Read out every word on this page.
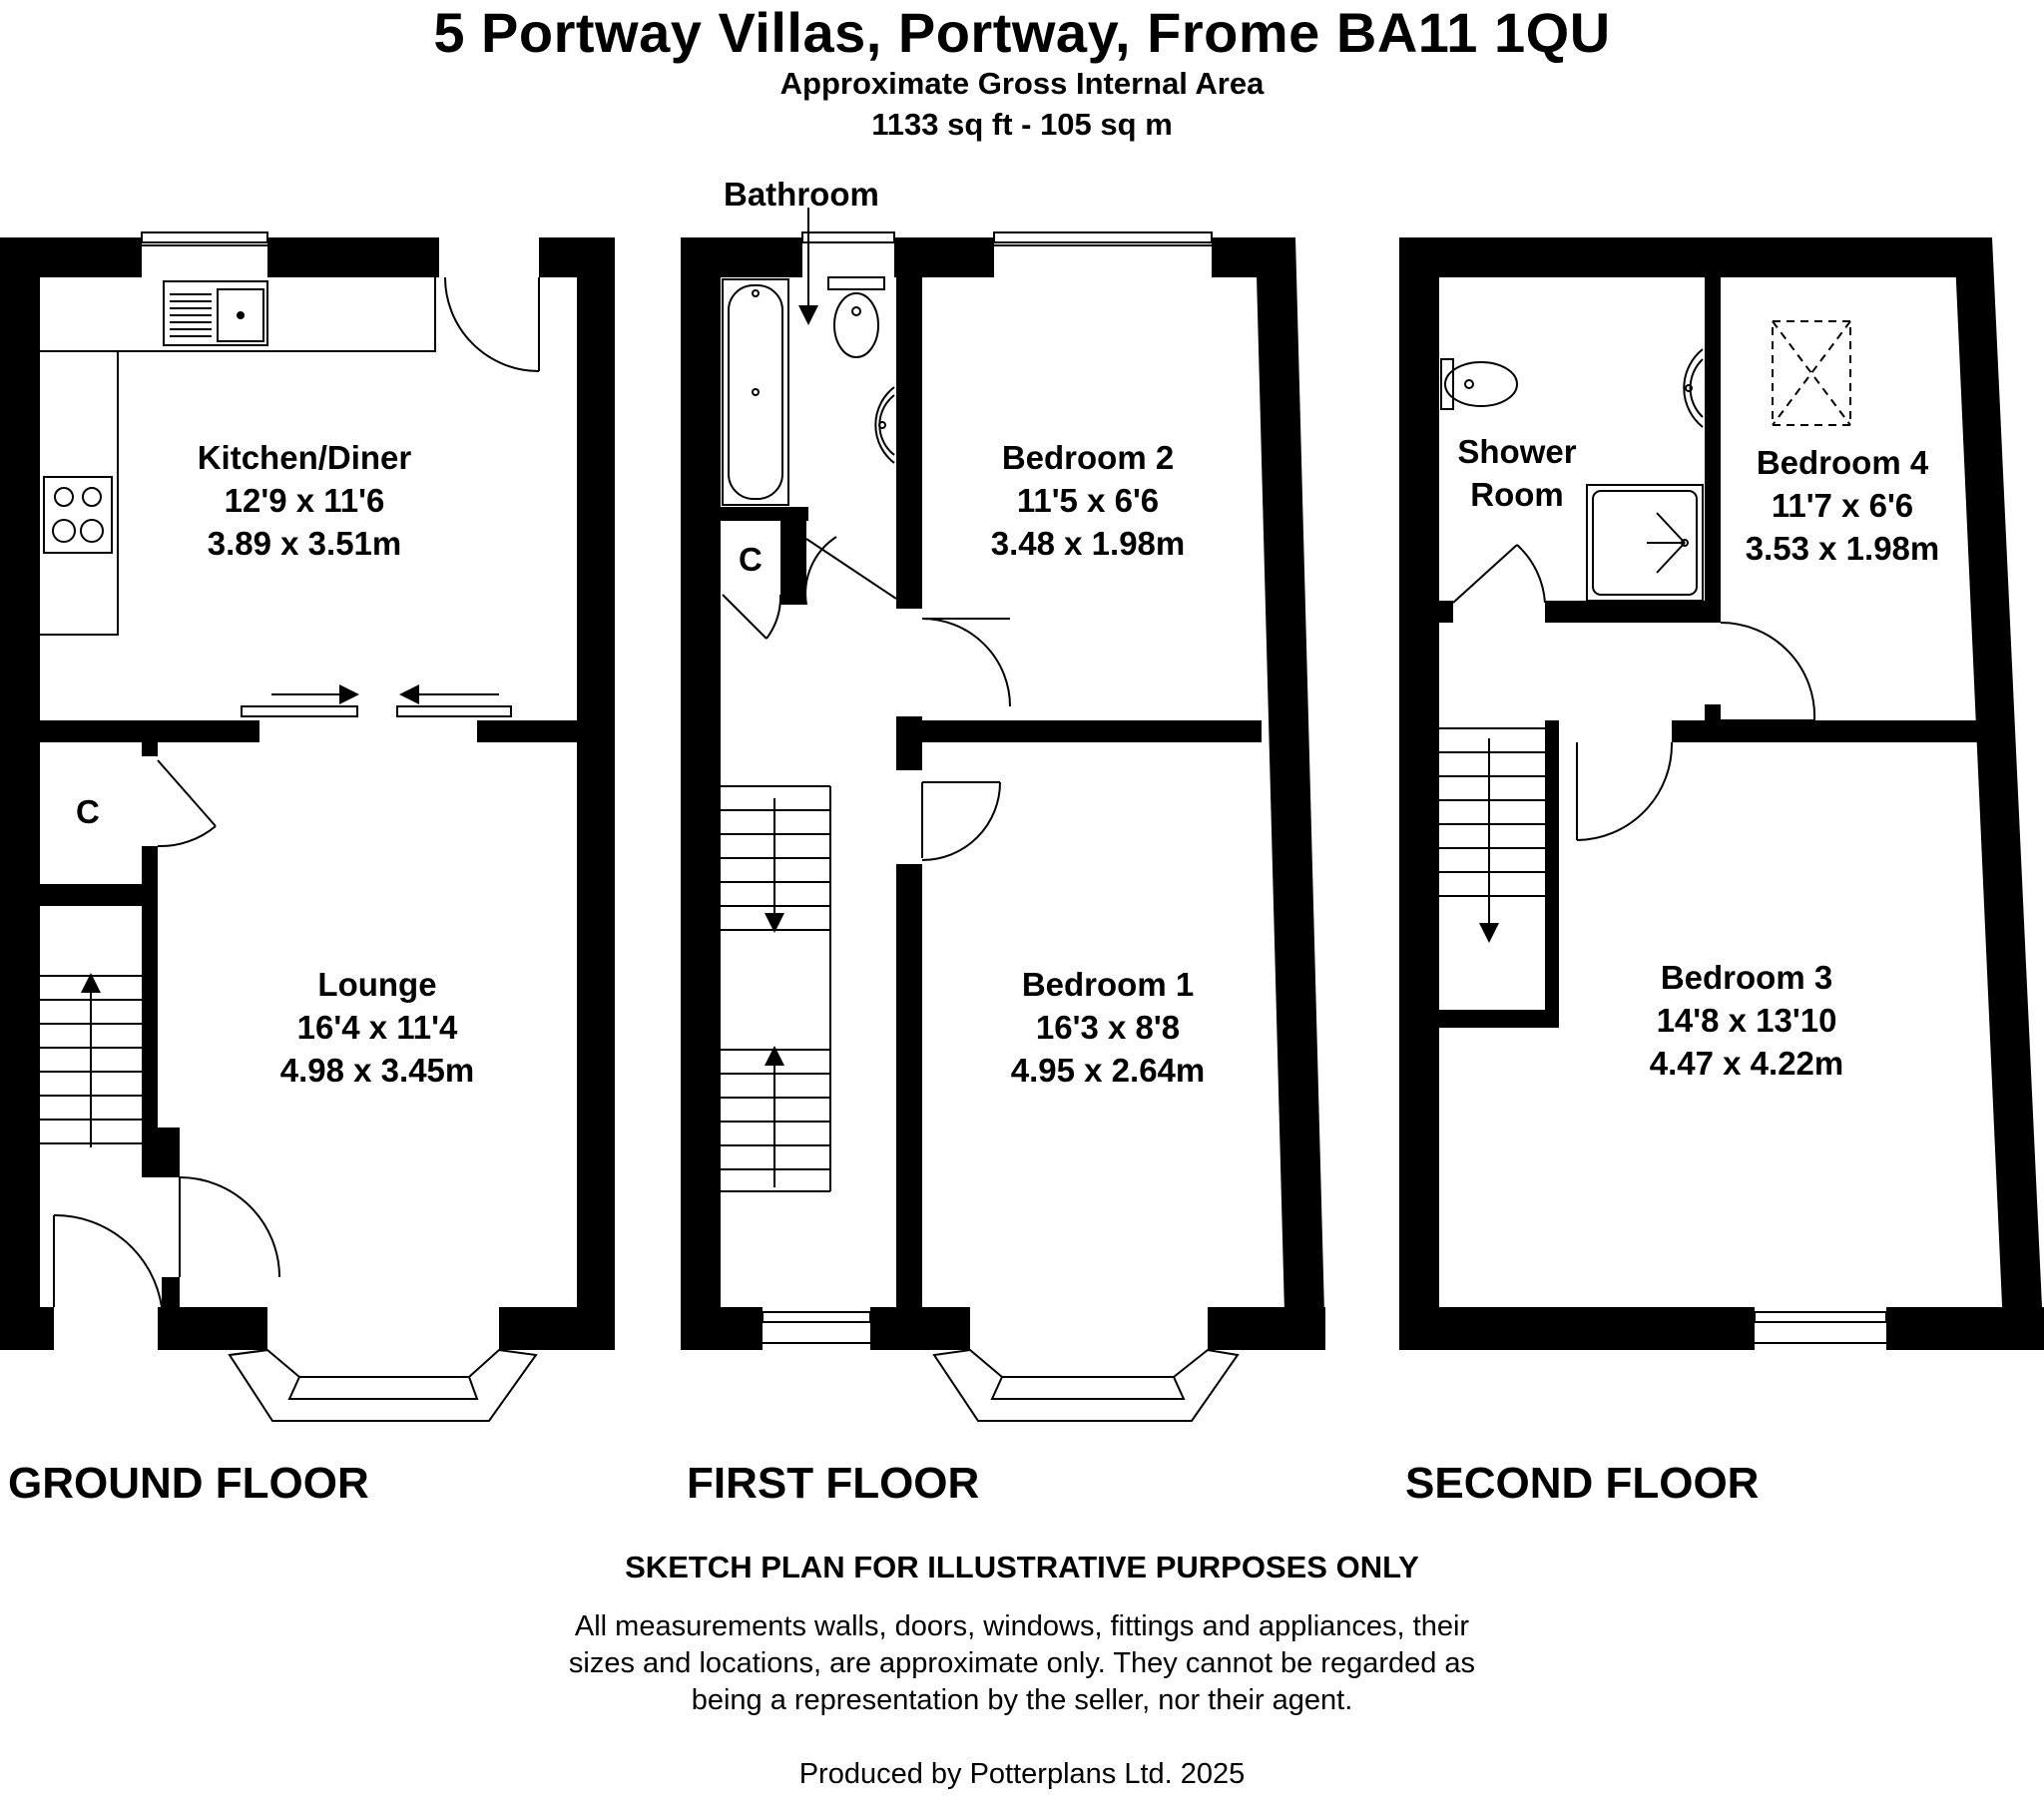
5 Portway Villas, Portway, Frome BA11 1QU
Approximate Gross Internal Area
1133 sq ft - 105 sq m
Kitchen/Diner
12'9 x 11'6
3.89 x 3.51m
Lounge
16'4 x 11'4
4.98 x 3.45m
Bedroom 2
11'5 x 6'6
3.48 x 1.98m
Bedroom 1
16'3 x 8'8
4.95 x 2.64m
Bedroom 4
11'7 x 6'6
3.53 x 1.98m
Bedroom 3
14'8 x 13'10
4.47 x 4.22m
Shower
Room
Bathroom
C
C
GROUND FLOOR	FIRST FLOOR	SECOND FLOOR
SKETCH PLAN FOR ILLUSTRATIVE PURPOSES ONLY
All measurements walls, doors, windows, fittings and appliances, their
sizes and locations, are approximate only. They cannot be regarded as
being a representation by the seller, nor their agent.
Produced by Potterplans Ltd. 2025
